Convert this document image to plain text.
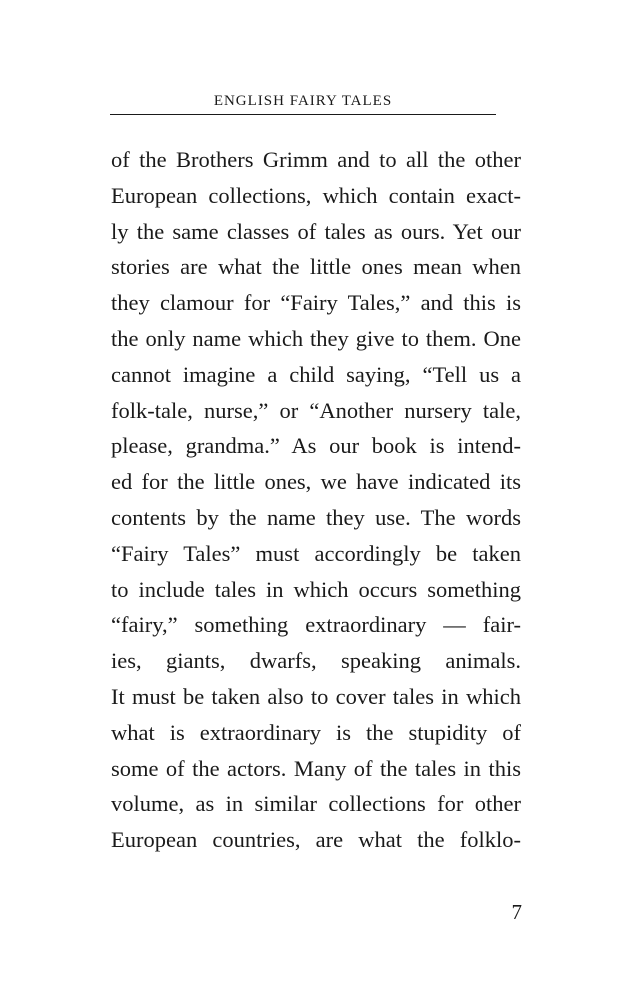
ENGLISH FAIRY TALES
of the Brothers Grimm and to all the other
European collections, which contain exact-
ly the same classes of tales as ours. Yet our
stories are what the little ones mean when
they clamour for “Fairy Tales,” and this is
the only name which they give to them. One
cannot imagine a child saying, “Tell us a
folk-tale, nurse,” or “Another nursery tale,
please, grandma.” As our book is intend-
ed for the little ones, we have indicated its
contents by the name they use. The words
“Fairy Tales” must accordingly be taken
to include tales in which occurs something
“fairy,” something extraordinary — fair-
ies, giants, dwarfs, speaking animals.
It must be taken also to cover tales in which
what is extraordinary is the stupidity of
some of the actors. Many of the tales in this
volume, as in similar collections for other
European countries, are what the folklo-
7
